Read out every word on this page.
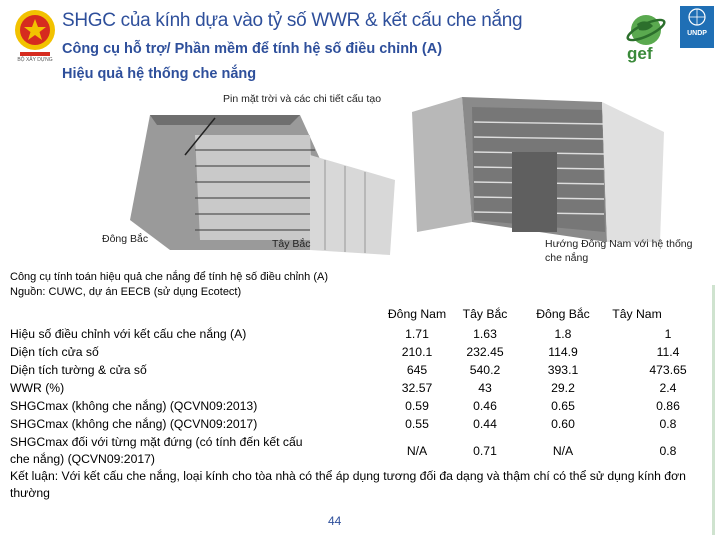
BỘ XÂY DỰNG
SHGC của kính dựa vào tỷ số WWR & kết cấu che nắng
Công cụ hỗ trợ/ Phần mềm để tính hệ số điều chỉnh (A)
Hiệu quả hệ thống che nắng
gef
UNDP
Pin mặt trời và các chi tiết cấu tạo
Đông Bắc	Tây Bắc	Hướng Đông Nam với hệ thống che nắng
Công cụ tính toán hiệu quả che nắng để tính hệ số điều chỉnh (A)
Nguồn: CUWC, dự án EECB (sử dụng Ecotect)
Đông Nam	Tây Bắc	Đông Bắc	Tây Nam
Hiệu số điều chỉnh với kết cấu che nắng (A)	1.71	1.63	1.8	1
Diện tích cửa số	210.1	232.45	114.9	11.4
Diện tích tường & cửa số	645	540.2	393.1	473.65
WWR (%)	32.57	43	29.2	2.4
SHGCmax (không che nắng) (QCVN09:2013)	0.59	0.46	0.65	0.86
SHGCmax (không che nắng) (QCVN09:2017)	0.55	0.44	0.60	0.8
SHGCmax đối với từng mặt đứng (có tính đến kết cấu
che nắng) (QCVN09:2017)
N/A	0.71	N/A	0.8
Kết luận: Với kết cấu che nắng, loại kính cho tòa nhà có thể áp dụng tương đối đa dạng và thậm chí có thể sử dụng kính đơn thường
44
